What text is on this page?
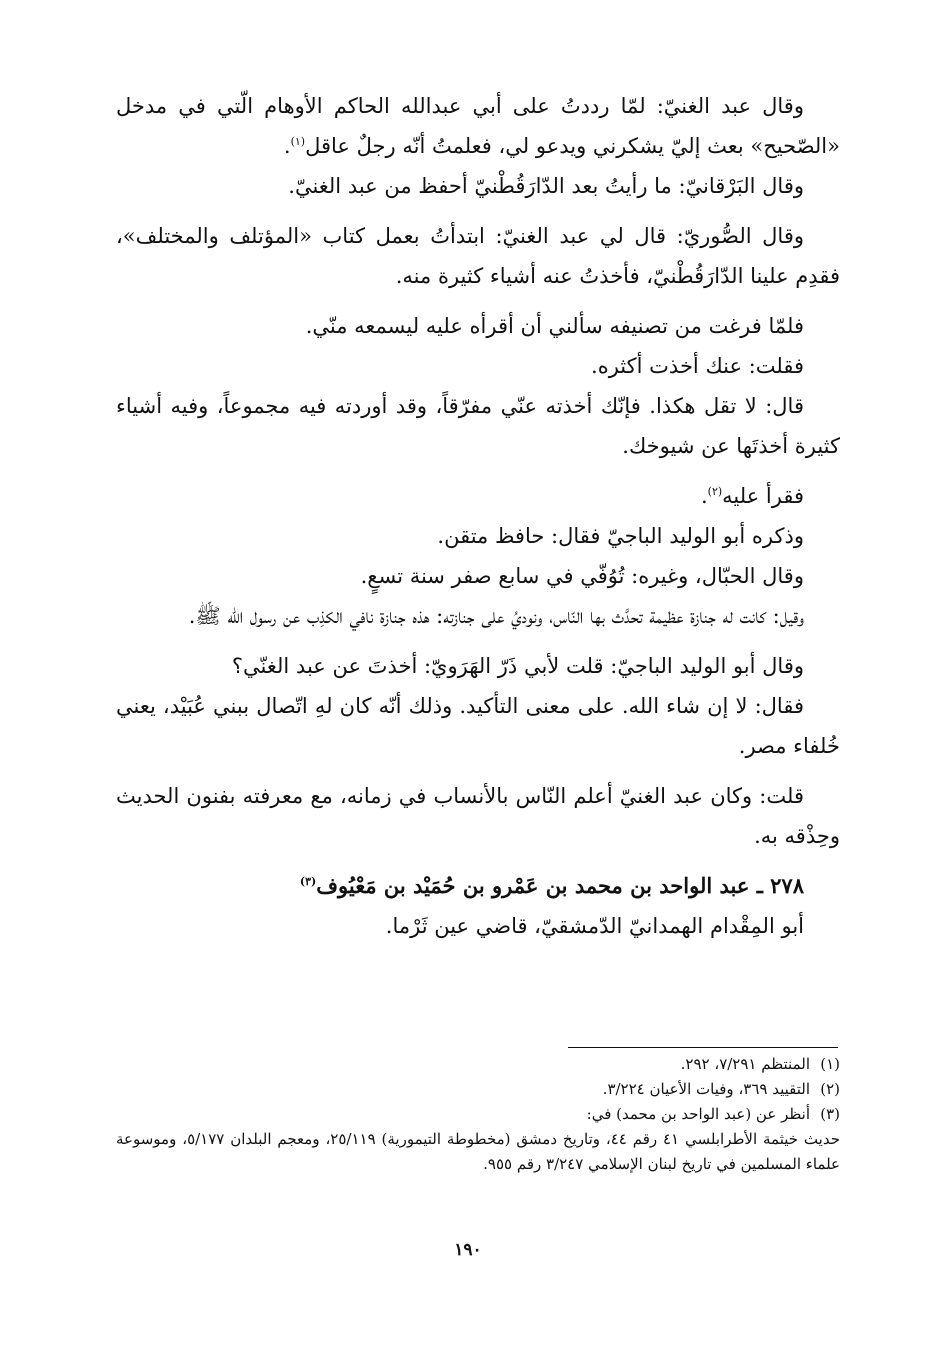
وقال عبد الغنيّ: لمّا رددتُ على أبي عبدالله الحاكم الأوهام الّتي في مدخل «الصّحيح» بعث إليّ يشكرني ويدعو لي، فعلمتُ أنّه رجلٌ عاقل$^{(١)}$.

وقال البَرْقانيّ: ما رأيتُ بعد الدّارَقُطْنيّ أحفظ من عبد الغنيّ.

وقال الصُّوريّ: قال لي عبد الغنيّ: ابتدأتُ بعمل كتاب «المؤتلف والمختلف»، فقدِم علينا الدّارَقُطْنيّ، فأخذتُ عنه أشياء كثيرة منه.

فلمّا فرغت من تصنيفه سألني أن أقرأه عليه ليسمعه منّي.

فقلت: عنك أخذت أكثره.

قال: لا تقل هكذا. فإنّك أخذته عنّي مفرّقاً، وقد أوردته فيه مجموعاً، وفيه أشياء كثيرة أخذتَها عن شيوخك.

فقرأ عليه$^{(٢)}$.

وذكره أبو الوليد الباجيّ فقال: حافظ متقن.

وقال الحبّال، وغيره: تُوُفّي في سابع صفر سنة تسعٍ.

وقيل: كانت له جنازة عظيمة تحدَّث بها النّاس، ونوديُ على جنازته: هذه جنازة نافي الكذِب عن رسول الله ﷺ.

وقال أبو الوليد الباجيّ: قلت لأبي ذَرّ الهَرَويّ: أخذتَ عن عبد الغنّي؟

فقال: لا إن شاء الله. على معنى التأكيد. وذلك أنّه كان لهِ اتّصال ببني عُبَيْد، يعني خُلفاء مصر.

قلت: وكان عبد الغنيّ أعلم النّاس بالأنساب في زمانه، مع معرفته بفنون الحديث وحِذْقه به.

٢٧٨ ـ عبد الواحد بن محمد بن عَمْرو بن حُمَيْد بن مَعْيُوف$^{(٣)}$

أبو المِقْدام الهمدانيّ الدّمشقيّ، قاضي عين ثَرْما.

(١)المنتظم ٧/٢٩١، ٢٩٢.

(٢)التقييد ٣٦٩، وفيات الأعيان ٣/٢٢٤.

(٣)أنظر عن (عبد الواحد بن محمد) في:

حديث خيثمة الأطرابلسي ٤١ رقم ٤٤، وتاريخ دمشق (مخطوطة التيمورية) ٢٥/١١٩، ومعجم البلدان ٥/١٧٧، وموسوعة علماء المسلمين في تاريخ لبنان الإسلامي ٣/٢٤٧ رقم ٩٥٥.

١٩٠
